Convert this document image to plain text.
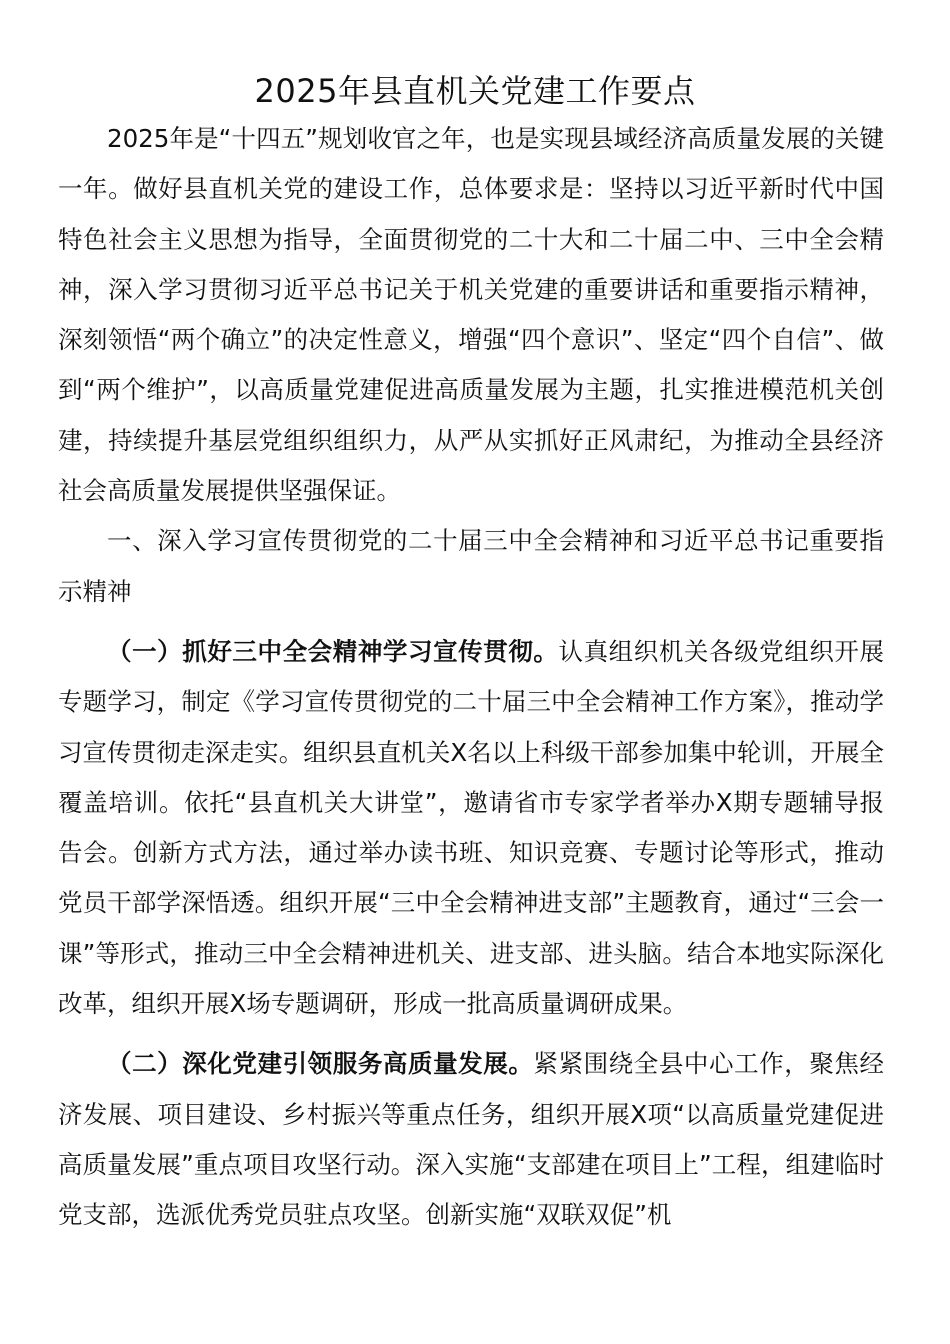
2025年县直机关党建工作要点

2025年是“十四五”规划收官之年，也是实现县域经济高质量发展的关键一年。做好县直机关党的建设工作，总体要求是：坚持以习近平新时代中国特色社会主义思想为指导，全面贯彻党的二十大和二十届二中、三中全会精神，深入学习贯彻习近平总书记关于机关党建的重要讲话和重要指示精神，深刻领悟“两个确立”的决定性意义，增强“四个意识”、坚定“四个自信”、做到“两个维护”，以高质量党建促进高质量发展为主题，扎实推进模范机关创建，持续提升基层党组织组织力，从严从实抓好正风肃纪，为推动全县经济社会高质量发展提供坚强保证。

一、深入学习宣传贯彻党的二十届三中全会精神和习近平总书记重要指示精神

（一）抓好三中全会精神学习宣传贯彻。认真组织机关各级党组织开展专题学习，制定《学习宣传贯彻党的二十届三中全会精神工作方案》，推动学习宣传贯彻走深走实。组织县直机关X名以上科级干部参加集中轮训，开展全覆盖培训。依托“县直机关大讲堂”，邀请省市专家学者举办X期专题辅导报告会。创新方式方法，通过举办读书班、知识竞赛、专题讨论等形式，推动党员干部学深悟透。组织开展“三中全会精神进支部”主题教育，通过“三会一课”等形式，推动三中全会精神进机关、进支部、进头脑。结合本地实际深化改革，组织开展X场专题调研，形成一批高质量调研成果。

（二）深化党建引领服务高质量发展。紧紧围绕全县中心工作，聚焦经济发展、项目建设、乡村振兴等重点任务，组织开展X项“以高质量党建促进高质量发展”重点项目攻坚行动。深入实施“支部建在项目上”工程，组建临时党支部，选派优秀党员驻点攻坚。创新实施“双联双促”机
